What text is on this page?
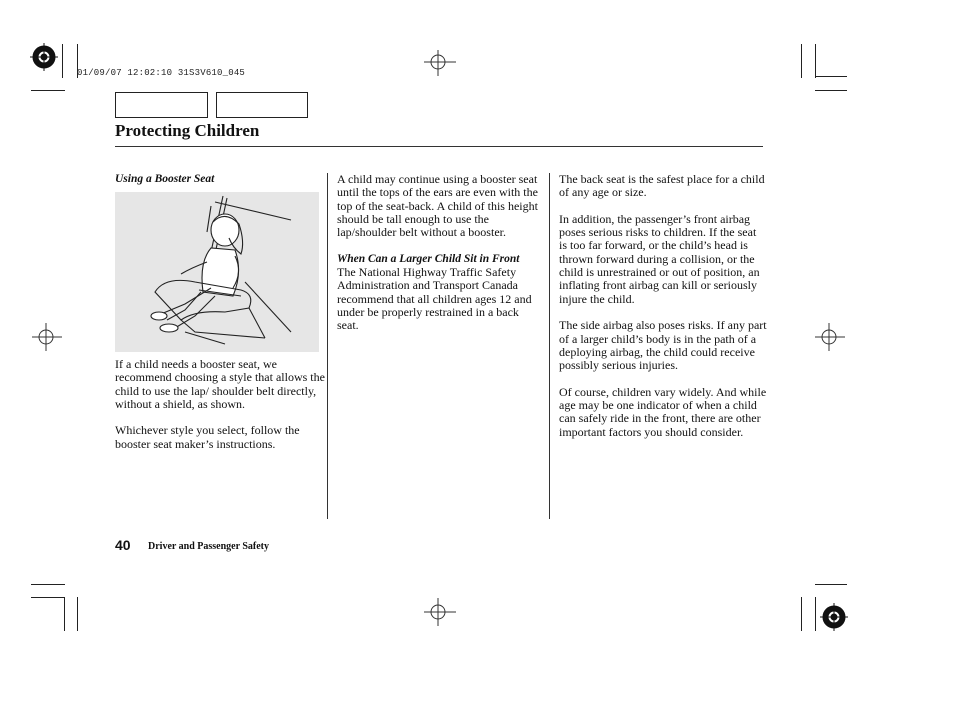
01/09/07 12:02:10 31S3V610_045
Protecting Children
Using a Booster Seat

If a child needs a booster seat, we recommend choosing a style that allows the child to use the lap/ shoulder belt directly, without a shield, as shown.

Whichever style you select, follow the booster seat maker’s instructions.

A child may continue using a booster seat until the tops of the ears are even with the top of the seat-back. A child of this height should be tall enough to use the lap/shoulder belt without a booster.

When Can a Larger Child Sit in Front

The National Highway Traffic Safety Administration and Transport Canada recommend that all children ages 12 and under be properly restrained in a back seat.

The back seat is the safest place for a child of any age or size.

In addition, the passenger’s front airbag poses serious risks to children. If the seat is too far forward, or the child’s head is thrown forward during a collision, or the child is unrestrained or out of position, an inflating front airbag can kill or seriously injure the child.

The side airbag also poses risks. If any part of a larger child’s body is in the path of a deploying airbag, the child could receive possibly serious injuries.

Of course, children vary widely. And while age may be one indicator of when a child can safely ride in the front, there are other important factors you should consider.

40 Driver and Passenger Safety
